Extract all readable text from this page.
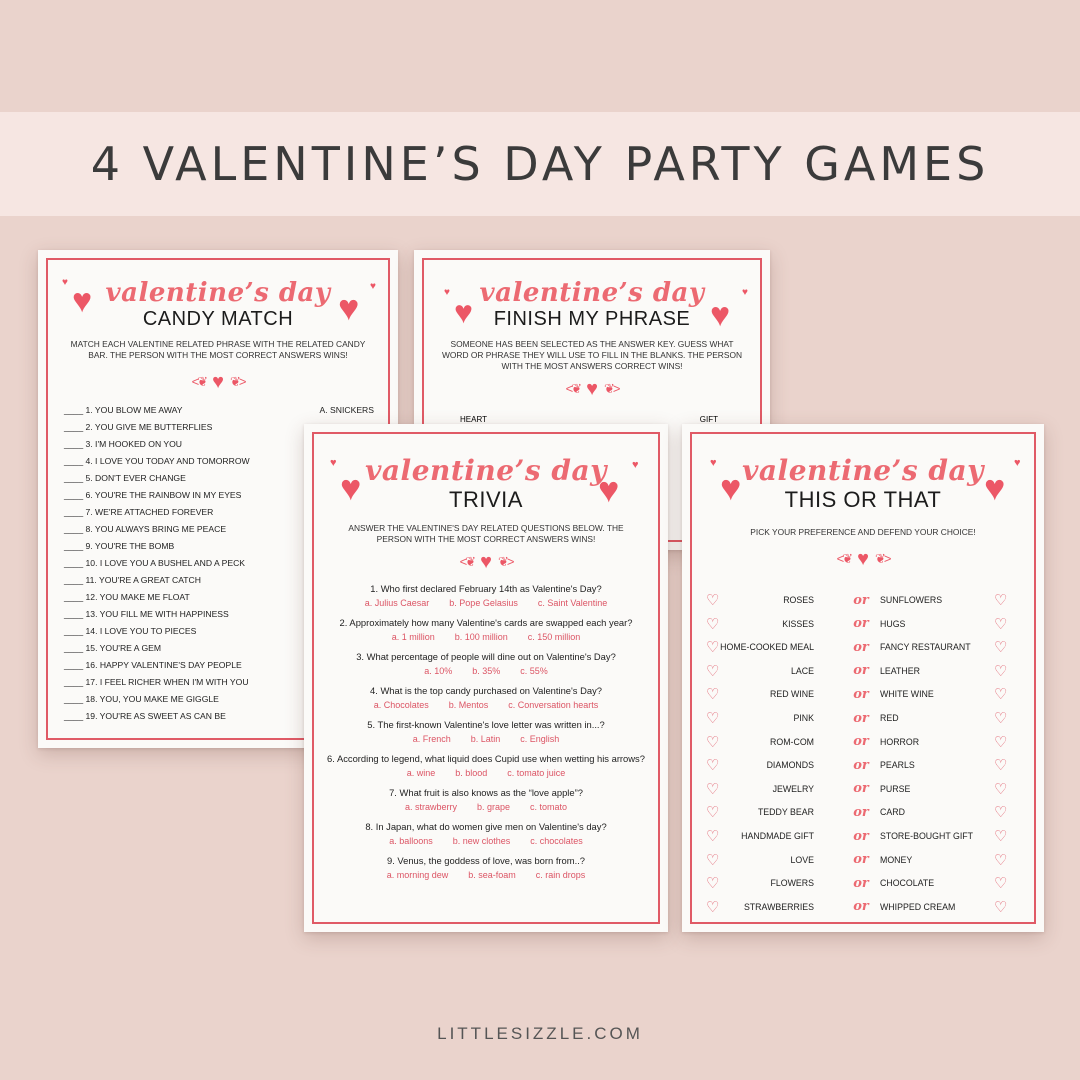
4 VALENTINE’S DAY PARTY GAMES
♥
♥
♥
♥
valentine’s day
CANDY MATCH
MATCH EACH VALENTINE RELATED PHRASE WITH THE RELATED CANDY BAR. THE PERSON WITH THE MOST CORRECT ANSWERS WINS!
<❦ ♥ ❦>
____ 1. YOU BLOW ME AWAY	A. SNICKERS
____ 2. YOU GIVE ME BUTTERFLIES
____ 3. I'M HOOKED ON YOU
____ 4. I LOVE YOU TODAY AND TOMORROW
____ 5. DON'T EVER CHANGE
____ 6. YOU'RE THE RAINBOW IN MY EYES
____ 7. WE'RE ATTACHED FOREVER
____ 8. YOU ALWAYS BRING ME PEACE
____ 9. YOU'RE THE BOMB
____ 10. I LOVE YOU A BUSHEL AND A PECK
____ 11. YOU'RE A GREAT CATCH
____ 12. YOU MAKE ME FLOAT
____ 13. YOU FILL ME WITH HAPPINESS
____ 14. I LOVE YOU TO PIECES
____ 15. YOU'RE A GEM
____ 16. HAPPY VALENTINE'S DAY PEOPLE
____ 17. I FEEL RICHER WHEN I'M WITH YOU
____ 18. YOU, YOU MAKE ME GIGGLE
____ 19. YOU'RE AS SWEET AS CAN BE
♥
♥
♥
♥
valentine’s day
FINISH MY PHRASE
SOMEONE HAS BEEN SELECTED AS THE ANSWER KEY. GUESS WHAT WORD OR PHRASE THEY WILL USE TO FILL IN THE BLANKS. THE PERSON WITH THE MOST ANSWERS CORRECT WINS!
<❦ ♥ ❦>
HEART	GIFT
♥
♥
♥
♥
valentine’s day
TRIVIA
ANSWER THE VALENTINE'S DAY RELATED QUESTIONS BELOW. THE PERSON WITH THE MOST CORRECT ANSWERS WINS!
<❦ ♥ ❦>
1. Who first declared February 14th as Valentine's Day?
a. Julius Caesar b. Pope Gelasius c. Saint Valentine
2. Approximately how many Valentine's cards are swapped each year?
a. 1 million b. 100 million c. 150 million
3. What percentage of people will dine out on Valentine's Day?
a. 10% b. 35% c. 55%
4. What is the top candy purchased on Valentine's Day?
a. Chocolates b. Mentos c. Conversation hearts
5. The first-known Valentine's love letter was written in...?
a. French b. Latin c. English
6. According to legend, what liquid does Cupid use when wetting his arrows?
a. wine b. blood c. tomato juice
7. What fruit is also knows as the “love apple”?
a. strawberry b. grape c. tomato
8. In Japan, what do women give men on Valentine's day?
a. balloons b. new clothes c. chocolates
9. Venus, the goddess of love, was born from..?
a. morning dew b. sea-foam c. rain drops
♥
♥
♥
♥
valentine’s day
THIS OR THAT
PICK YOUR PREFERENCE AND DEFEND YOUR CHOICE!
<❦ ♥ ❦>
♡	ROSES	or	SUNFLOWERS	♡
♡	KISSES	or	HUGS	♡
♡ HOME-COOKED MEAL	or	FANCY RESTAURANT ♡
♡	LACE	or	LEATHER	♡
♡	RED WINE	or	WHITE WINE	♡
♡	PINK	or	RED	♡
♡	ROM-COM	or	HORROR	♡
♡	DIAMONDS	or	PEARLS	♡
♡	JEWELRY	or	PURSE	♡
♡	TEDDY BEAR	or	CARD	♡
♡ HANDMADE GIFT	or	STORE-BOUGHT GIFT ♡
♡	LOVE	or	MONEY	♡
♡	FLOWERS	or	CHOCOLATE	♡
♡	STRAWBERRIES	or	WHIPPED CREAM	♡
LITTLESIZZLE.COM
